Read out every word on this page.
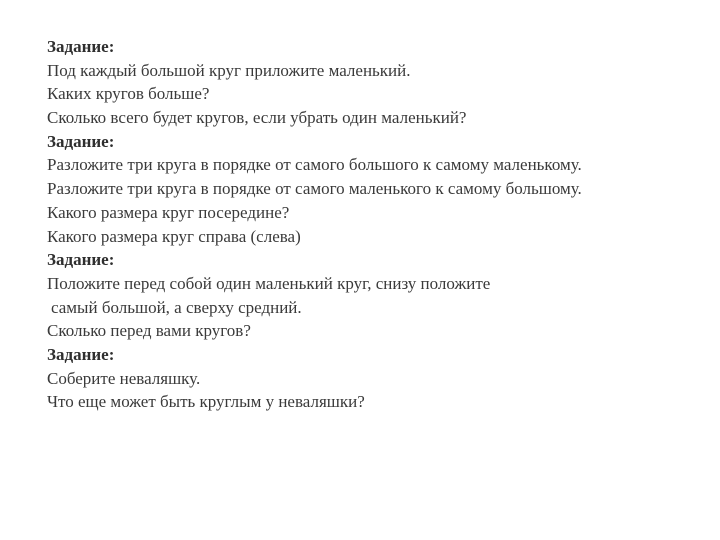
Задание:
Под каждый большой круг приложите маленький.
Каких кругов больше?
Сколько всего будет кругов, если убрать один маленький?
Задание:
Разложите три круга в порядке от самого большого к самому маленькому.
Разложите три круга в порядке от самого маленького к самому большому.
Какого размера круг посередине?
Какого размера круг справа (слева)
Задание:
Положите перед собой один маленький круг, снизу положите
самый большой, а сверху средний.
Сколько перед вами кругов?
Задание:
Соберите неваляшку.
Что еще может быть круглым у неваляшки?
